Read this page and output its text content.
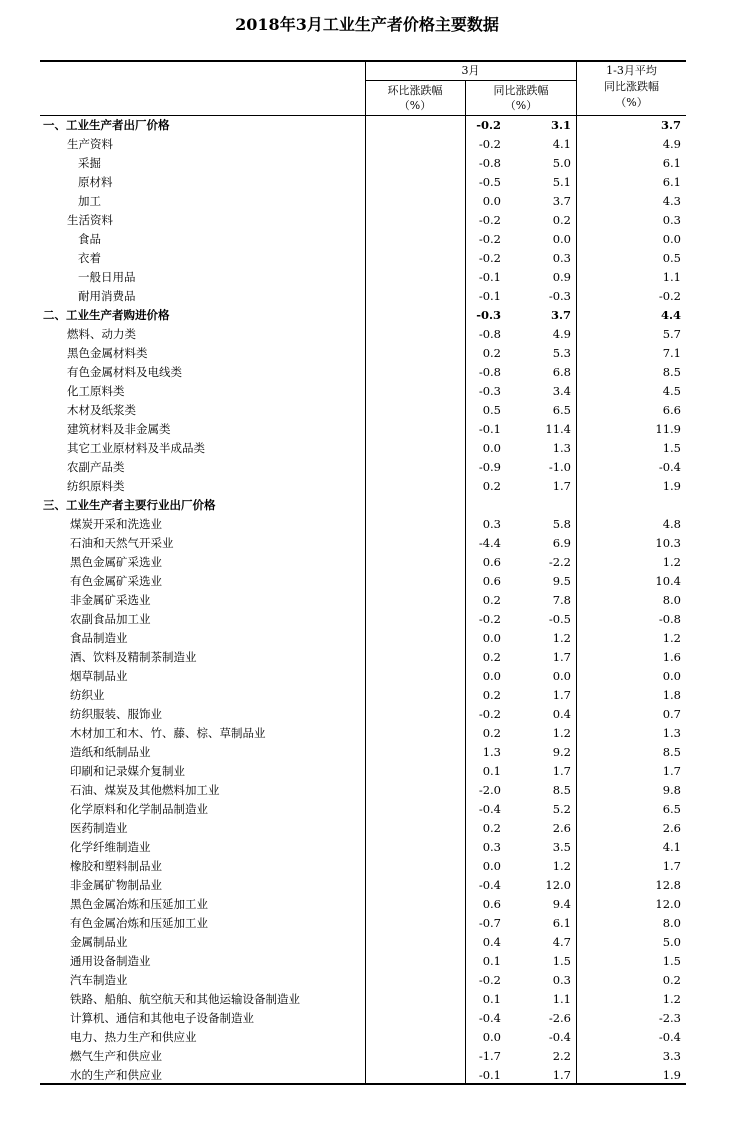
2018年3月工业生产者价格主要数据
3月
环比涨跌幅
（%）
同比涨跌幅
（%）
1-3月平均
同比涨跌幅
（%）
一、工业生产者出厂价格	-0.2	3.1	3.7
生产资料	-0.2	4.1	4.9
采掘	-0.8	5.0	6.1
原材料	-0.5	5.1	6.1
加工	0.0	3.7	4.3
生活资料	-0.2	0.2	0.3
食品	-0.2	0.0	0.0
衣着	-0.2	0.3	0.5
一般日用品	-0.1	0.9	1.1
耐用消费品	-0.1	-0.3	-0.2
二、工业生产者购进价格	-0.3	3.7	4.4
燃料、动力类	-0.8	4.9	5.7
黑色金属材料类	0.2	5.3	7.1
有色金属材料及电线类	-0.8	6.8	8.5
化工原料类	-0.3	3.4	4.5
木材及纸浆类	0.5	6.5	6.6
建筑材料及非金属类	-0.1	11.4	11.9
其它工业原材料及半成品类	0.0	1.3	1.5
农副产品类	-0.9	-1.0	-0.4
纺织原料类	0.2	1.7	1.9
三、工业生产者主要行业出厂价格
煤炭开采和洗选业	0.3	5.8	4.8
石油和天然气开采业	-4.4	6.9	10.3
黑色金属矿采选业	0.6	-2.2	1.2
有色金属矿采选业	0.6	9.5	10.4
非金属矿采选业	0.2	7.8	8.0
农副食品加工业	-0.2	-0.5	-0.8
食品制造业	0.0	1.2	1.2
酒、饮料及精制茶制造业	0.2	1.7	1.6
烟草制品业	0.0	0.0	0.0
纺织业	0.2	1.7	1.8
纺织服装、服饰业	-0.2	0.4	0.7
木材加工和木、竹、藤、棕、草制品业	0.2	1.2	1.3
造纸和纸制品业	1.3	9.2	8.5
印刷和记录媒介复制业	0.1	1.7	1.7
石油、煤炭及其他燃料加工业	-2.0	8.5	9.8
化学原料和化学制品制造业	-0.4	5.2	6.5
医药制造业	0.2	2.6	2.6
化学纤维制造业	0.3	3.5	4.1
橡胶和塑料制品业	0.0	1.2	1.7
非金属矿物制品业	-0.4	12.0	12.8
黑色金属冶炼和压延加工业	0.6	9.4	12.0
有色金属冶炼和压延加工业	-0.7	6.1	8.0
金属制品业	0.4	4.7	5.0
通用设备制造业	0.1	1.5	1.5
汽车制造业	-0.2	0.3	0.2
铁路、船舶、航空航天和其他运输设备制造业	0.1	1.1	1.2
计算机、通信和其他电子设备制造业	-0.4	-2.6	-2.3
电力、热力生产和供应业	0.0	-0.4	-0.4
燃气生产和供应业	-1.7	2.2	3.3
水的生产和供应业	-0.1	1.7	1.9
